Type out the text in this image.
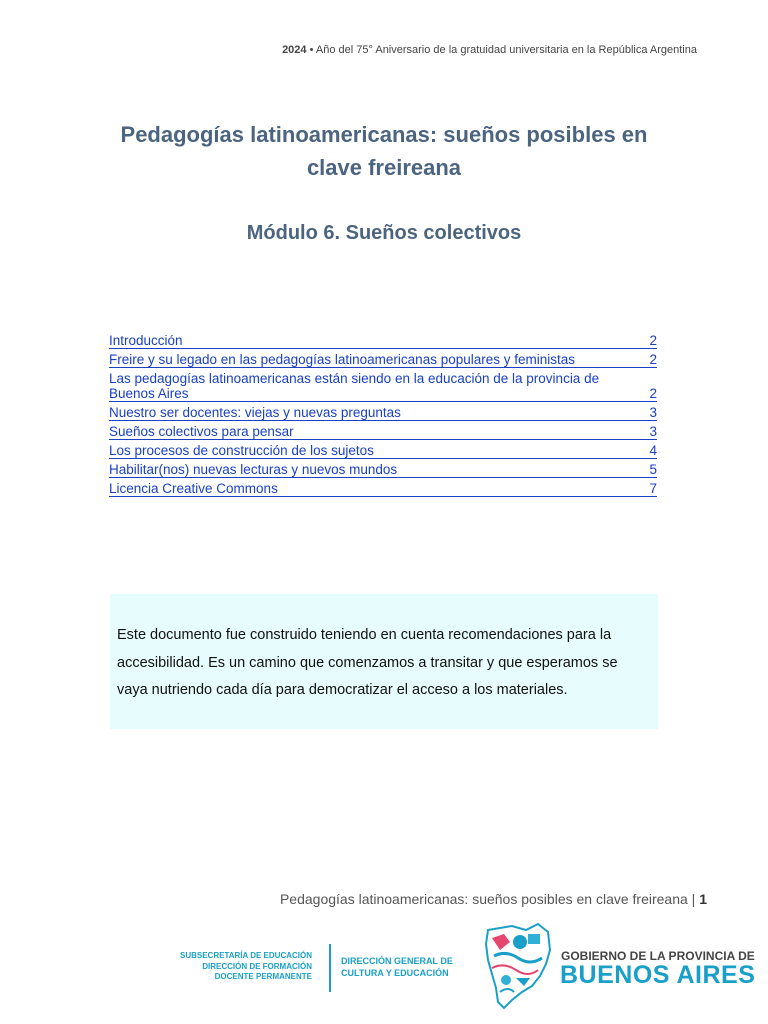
2024 • Año del 75° Aniversario de la gratuidad universitaria en la República Argentina
Pedagogías latinoamericanas: sueños posibles en clave freireana
Módulo 6. Sueños colectivos
Introducción	2
Freire y su legado en las pedagogías latinoamericanas populares y feministas	2
Las pedagogías latinoamericanas están siendo en la educación de la provincia de Buenos Aires	2
Nuestro ser docentes: viejas y nuevas preguntas	3
Sueños colectivos para pensar	3
Los procesos de construcción de los sujetos	4
Habilitar(nos) nuevas lecturas y nuevos mundos	5
Licencia Creative Commons	7
Este documento fue construido teniendo en cuenta recomendaciones para la accesibilidad. Es un camino que comenzamos a transitar y que esperamos se vaya nutriendo cada día para democratizar el acceso a los materiales.
Pedagogías latinoamericanas: sueños posibles en clave freireana | 1
SUBSECRETARÍA DE EDUCACIÓN
DIRECCIÓN DE FORMACIÓN
DOCENTE PERMANENTE
DIRECCIÓN GENERAL DE
CULTURA Y EDUCACIÓN
GOBIERNO DE LA PROVINCIA DE
BUENOS AIRES
